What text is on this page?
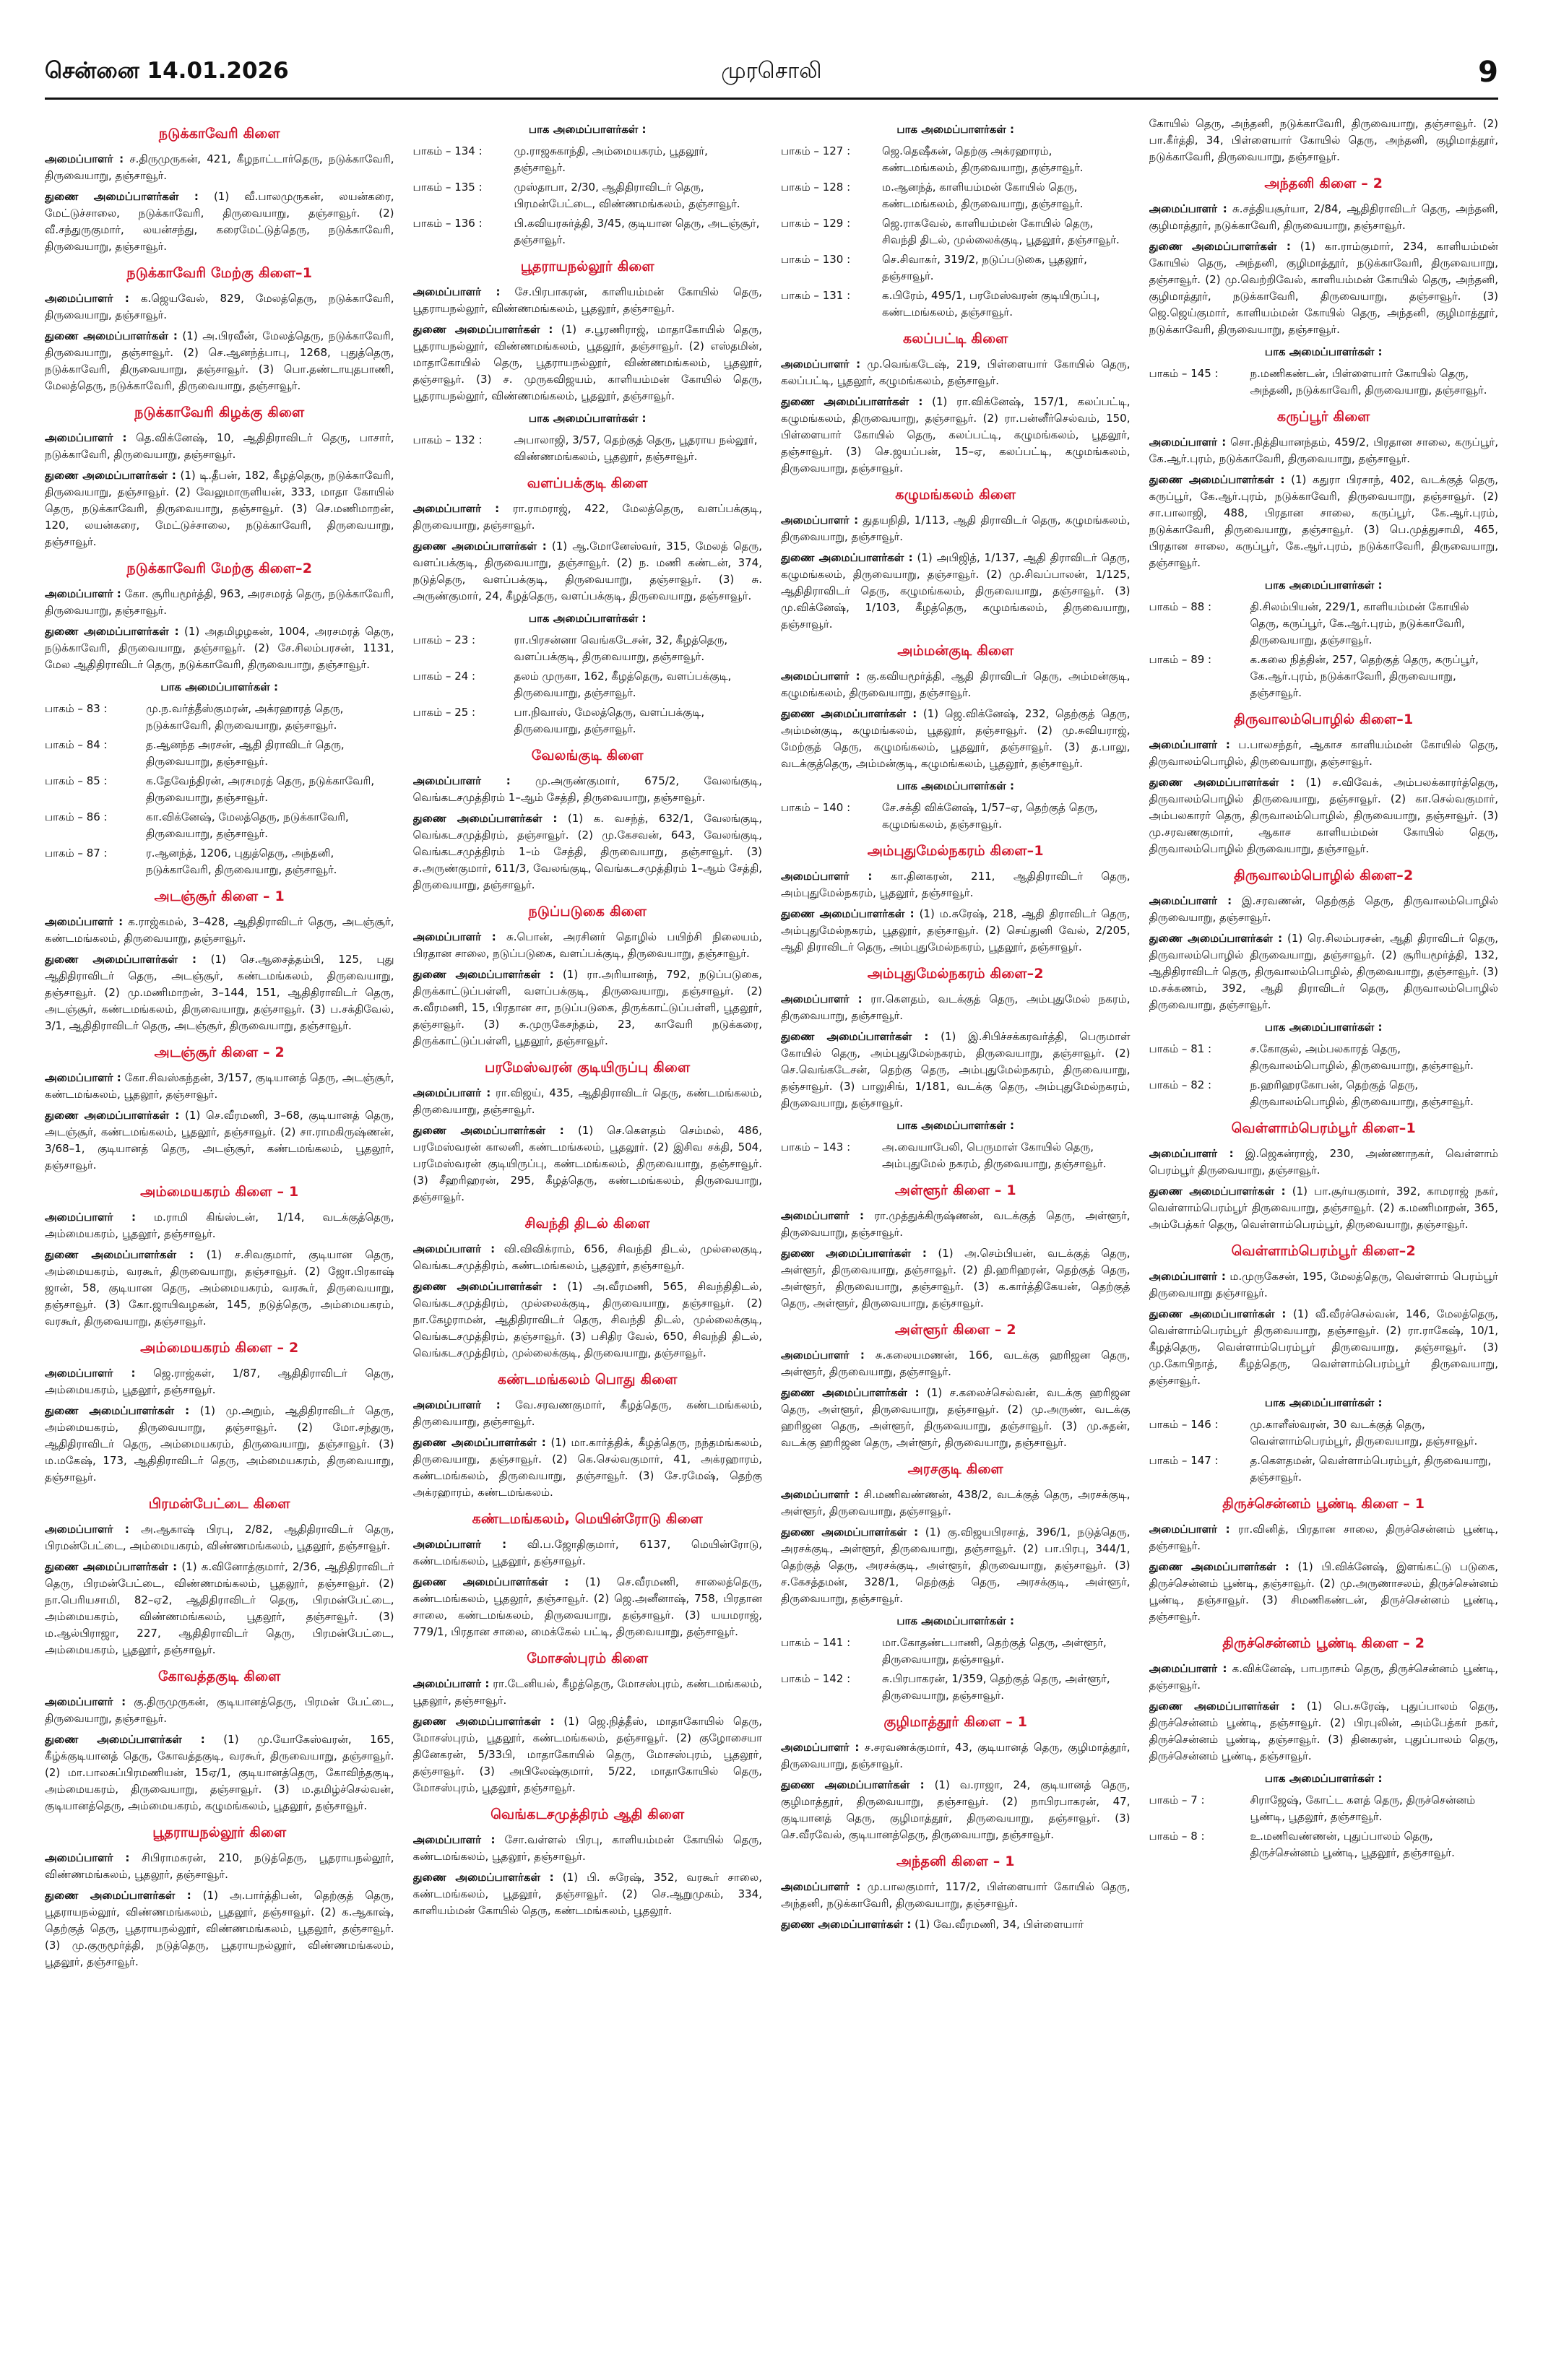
சென்னை 14.01.2026	முரசொலி	9
நடுக்காவேரி கிளை

அமைப்பாளர் : ச.திருமுருகன், 421, கீழநாட்டார்தெரு, நடுக்காவேரி, திருவையாறு, தஞ்சாவூர்.

துணை அமைப்பாளர்கள் : (1) வீ.பாலமுருகன், லயன்கரை, மேட்டுச்சாலை, நடுக்காவேரி, திருவையாறு, தஞ்சாவூர். (2) வீ.சந்துருகுமார், லயன்சந்து, கரைமேட்டுத்தெரு, நடுக்காவேரி, திருவையாறு, தஞ்சாவூர்.

நடுக்காவேரி மேற்கு கிளை–1

அமைப்பாளர் : க.ஜெயவேல், 829, மேலத்தெரு, நடுக்காவேரி, திருவையாறு, தஞ்சாவூர்.

துணை அமைப்பாளர்கள் : (1) அ.பிரவீன், மேலத்தெரு, நடுக்காவேரி, திருவையாறு, தஞ்சாவூர். (2) செ.ஆனந்த்பாபு, 1268, புதுத்தெரு, நடுக்காவேரி, திருவையாறு, தஞ்சாவூர். (3) பொ.தண்டாயுதபாணி, மேலத்தெரு, நடுக்காவேரி, திருவையாறு, தஞ்சாவூர்.

நடுக்காவேரி கிழக்கு கிளை

அமைப்பாளர் : தெ.விக்னேஷ், 10, ஆதிதிராவிடர் தெரு, பாசார், நடுக்காவேரி, திருவையாறு, தஞ்சாவூர்.

துணை அமைப்பாளர்கள் : (1) டி.தீபன், 182, கீழத்தெரு, நடுக்காவேரி, திருவையாறு, தஞ்சாவூர். (2) வேலுமாருளியன், 333, மாதா கோயில் தெரு, நடுக்காவேரி, திருவையாறு, தஞ்சாவூர். (3) செ.மணிமாறன், 120, லயன்கரை, மேட்டுச்சாலை, நடுக்காவேரி, திருவையாறு, தஞ்சாவூர்.

நடுக்காவேரி மேற்கு கிளை–2

அமைப்பாளர் : கோ. சூரியமூர்த்தி, 963, அரசமரத் தெரு, நடுக்காவேரி, திருவையாறு, தஞ்சாவூர்.

துணை அமைப்பாளர்கள் : (1) அதமிழழகன், 1004, அரசமரத் தெரு, நடுக்காவேரி, திருவையாறு, தஞ்சாவூர். (2) சே.சிலம்பரசன், 1131, மேல ஆதிதிராவிடர் தெரு, நடுக்காவேரி, திருவையாறு, தஞ்சாவூர்.

பாக அமைப்பாளர்கள் :
பாகம் – 83 :	மு.ந.வர்த்தீஸ்குமரன், அக்ரஹாரத் தெரு, நடுக்காவேரி, திருவையாறு, தஞ்சாவூர்.
பாகம் – 84 :	த.ஆனந்த அரசன், ஆதி திராவிடர் தெரு, திருவையாறு, தஞ்சாவூர்.
பாகம் – 85 :	க.தேவேந்திரன், அரசமரத் தெரு, நடுக்காவேரி, திருவையாறு, தஞ்சாவூர்.
பாகம் – 86 :	கா.விக்னேஷ், மேலத்தெரு, நடுக்காவேரி, திருவையாறு, தஞ்சாவூர்.
பாகம் – 87 :	ர.ஆனந்த், 1206, புதுத்தெரு, அந்தனி, நடுக்காவேரி, திருவையாறு, தஞ்சாவூர்.
அடஞ்சூர் கிளை – 1

அமைப்பாளர் : க.ராஜ்கமல், 3–428, ஆதிதிராவிடர் தெரு, அடஞ்சூர், கண்டமங்கலம், திருவையாறு, தஞ்சாவூர்.

துணை அமைப்பாளர்கள் : (1) செ.ஆசைத்தம்பி, 125, புது ஆதிதிராவிடர் தெரு, அடஞ்சூர், கண்டமங்கலம், திருவையாறு, தஞ்சாவூர். (2) மு.மணிமாறன், 3–144, 151, ஆதிதிராவிடர் தெரு, அடஞ்சூர், கண்டமங்கலம், திருவையாறு, தஞ்சாவூர். (3) ப.சக்திவேல், 3/1, ஆதிதிராவிடர் தெரு, அடஞ்சூர், திருவையாறு, தஞ்சாவூர்.

அடஞ்சூர் கிளை – 2

அமைப்பாளர் : கோ.சிவஸ்கந்தன், 3/157, குடியானத் தெரு, அடஞ்சூர், கண்டமங்கலம், பூதலூர், தஞ்சாவூர்.

துணை அமைப்பாளர்கள் : (1) செ.வீரமணி, 3–68, குடியானத் தெரு, அடஞ்சூர், கண்டமங்கலம், பூதலூர், தஞ்சாவூர். (2) சா.ராமகிருஷ்ணன், 3/68–1, குடியானத் தெரு, அடஞ்சூர், கண்டமங்கலம், பூதலூர், தஞ்சாவூர்.

அம்மையகரம் கிளை – 1

அமைப்பாளர் : ம.ராமி கிங்ஸ்டன், 1/14, வடக்குத்தெரு, அம்மையகரம், பூதலூர், தஞ்சாவூர்.

துணை அமைப்பாளர்கள் : (1) ச.சிவகுமார், குடியான தெரு, அம்மையகரம், வரகூர், திருவையாறு, தஞ்சாவூர். (2) ஜோ.பிரகாஷ் ஜான், 58, குடியான தெரு, அம்மையகரம், வரகூர், திருவையாறு, தஞ்சாவூர். (3) கோ.ஜாயிவழகன், 145, நடுத்தெரு, அம்மையகரம், வரகூர், திருவையாறு, தஞ்சாவூர்.

அம்மையகரம் கிளை – 2

அமைப்பாளர் : ஜெ.ராஜ்கள், 1/87, ஆதிதிராவிடர் தெரு, அம்மையகரம், பூதலூர், தஞ்சாவூர்.

துணை அமைப்பாளர்கள் : (1) மு.அறும், ஆதிதிராவிடர் தெரு, அம்மையகரம், திருவையாறு, தஞ்சாவூர். (2) மோ.சந்துரு, ஆதிதிராவிடர் தெரு, அம்மையகரம், திருவையாறு, தஞ்சாவூர். (3) ம.மகேஷ், 173, ஆதிதிராவிடர் தெரு, அம்மையகரம், திருவையாறு, தஞ்சாவூர்.

பிரமன்பேட்டை கிளை

அமைப்பாளர் : அ.ஆகாஷ் பிரபு, 2/82, ஆதிதிராவிடர் தெரு, பிரமன்பேட்டை, அம்மையகரம், விண்ணமங்கலம், பூதலூர், தஞ்சாவூர்.

துணை அமைப்பாளர்கள் : (1) க.வினோத்குமார், 2/36, ஆதிதிராவிடர் தெரு, பிரமன்பேட்டை, விண்ணமங்கலம், பூதலூர், தஞ்சாவூர். (2) நா.பெரியசாமி, 82–ஏ2, ஆதிதிராவிடர் தெரு, பிரமன்பேட்டை, அம்மையகரம், விண்ணமங்கலம், பூதலூர், தஞ்சாவூர். (3) ம.ஆல்பிராஜா, 227, ஆதிதிராவிடர் தெரு, பிரமன்பேட்டை, அம்மையகரம், பூதலூர், தஞ்சாவூர்.

கோவத்தகுடி கிளை

அமைப்பாளர் : கு.திருமுருகன், குடியானத்தெரு, பிரமன் பேட்டை, திருவையாறு, தஞ்சாவூர்.

துணை அமைப்பாளர்கள் : (1) மு.யோகேஸ்வரன், 165, கீழ்க்குடியானத் தெரு, கோவத்தகுடி, வரகூர், திருவையாறு, தஞ்சாவூர். (2) மா.பாலசுப்பிரமணியன், 15ஏ/1, குடியானத்தெரு, கோவிந்தகுடி, அம்மையகரம், திருவையாறு, தஞ்சாவூர். (3) ம.தமிழ்ச்செல்வன், குடியானத்தெரு, அம்மையகரம், கழுமங்கலம், பூதலூர், தஞ்சாவூர்.

பூதராயநல்லூர் கிளை

அமைப்பாளர் : சிபிராமசுரன், 210, நடுத்தெரு, பூதராயநல்லூர், விண்ணமங்கலம், பூதலூர், தஞ்சாவூர்.

துணை அமைப்பாளர்கள் : (1) அ.பார்த்திபன், தெற்குத் தெரு, பூதராயநல்லூர், விண்ணமங்கலம், பூதலூர், தஞ்சாவூர். (2) க.ஆகாஷ், தெற்குத் தெரு, பூதராயநல்லூர், விண்ணமங்கலம், பூதலூர், தஞ்சாவூர். (3) மு.குருமூர்த்தி, நடுத்தெரு, பூதராயநல்லூர், விண்ணமங்கலம், பூதலூர், தஞ்சாவூர்.

பாக அமைப்பாளர்கள் :
பாகம் – 134 :	மு.ராஜசுகாந்தி, அம்மையகரம், பூதலூர், தஞ்சாவூர்.
பாகம் – 135 :	முஸ்தாபா, 2/30, ஆதிதிராவிடர் தெரு, பிரமன்பேட்டை, விண்ணமங்கலம், தஞ்சாவூர்.
பாகம் – 136 :	பி.கவியரசுர்த்தி, 3/45, குடியான தெரு, அடஞ்சூர், தஞ்சாவூர்.
பூதராயநல்லூர் கிளை

அமைப்பாளர் : சே.பிரபாகரன், காளியம்மன் கோயில் தெரு, பூதராயநல்லூர், விண்ணமங்கலம், பூதலூர், தஞ்சாவூர்.

துணை அமைப்பாளர்கள் : (1) ச.பூரணிராஜ், மாதாகோயில் தெரு, பூதராயநல்லூர், விண்ணமங்கலம், பூதலூர், தஞ்சாவூர். (2) எஸ்தமின், மாதாகோயில் தெரு, பூதராயநல்லூர், விண்ணமங்கலம், பூதலூர், தஞ்சாவூர். (3) ச. முருகவிஜயம், காளியம்மன் கோயில் தெரு, பூதராயநல்லூர், விண்ணமங்கலம், பூதலூர், தஞ்சாவூர்.

பாக அமைப்பாளர்கள் :
பாகம் – 132 :	அபாலாஜி, 3/57, தெற்குத் தெரு, பூதராய நல்லூர், விண்ணமங்கலம், பூதலூர், தஞ்சாவூர்.
வளப்பக்குடி கிளை

அமைப்பாளர் : ரா.ராமராஜ், 422, மேலத்தெரு, வளப்பக்குடி, திருவையாறு, தஞ்சாவூர்.

துணை அமைப்பாளர்கள் : (1) ஆ.மோனேஸ்வர், 315, மேலத் தெரு, வளப்பக்குடி, திருவையாறு, தஞ்சாவூர். (2) ந. மணி கண்டன், 374, நடுத்தெரு, வளப்பக்குடி, திருவையாறு, தஞ்சாவூர். (3) சு. அருண்குமார், 24, கீழத்தெரு, வளப்பக்குடி, திருவையாறு, தஞ்சாவூர்.

பாக அமைப்பாளர்கள் :
பாகம் – 23 :	ரா.பிரசன்னா வெங்கடேசன், 32, கீழத்தெரு, வளப்பக்குடி, திருவையாறு, தஞ்சாவூர்.
பாகம் – 24 :	தலம் முருகா, 162, கீழத்தெரு, வளப்பக்குடி, திருவையாறு, தஞ்சாவூர்.
பாகம் – 25 :	பா.நிவாஸ், மேலத்தெரு, வளப்பக்குடி, திருவையாறு, தஞ்சாவூர்.
வேலங்குடி கிளை

அமைப்பாளர் : மு.அருண்குமார், 675/2, வேலங்குடி, வெங்கடசமுத்திரம் 1–ஆம் சேத்தி, திருவையாறு, தஞ்சாவூர்.

துணை அமைப்பாளர்கள் : (1) க. வசந்த், 632/1, வேலங்குடி, வெங்கடசமுத்திரம், தஞ்சாவூர். (2) மு.கேசவன், 643, வேலங்குடி, வெங்கடசமுத்திரம் 1–ம் சேத்தி, திருவையாறு, தஞ்சாவூர். (3) ச.அருண்குமார், 611/3, வேலங்குடி, வெங்கடசமுத்திரம் 1–ஆம் சேத்தி, திருவையாறு, தஞ்சாவூர்.

நடுப்படுகை கிளை

அமைப்பாளர் : சு.பொன், அரசினர் தொழில் பயிற்சி நிலையம், பிரதான சாலை, நடுப்படுகை, வளப்பக்குடி, திருவையாறு, தஞ்சாவூர்.

துணை அமைப்பாளர்கள் : (1) ரா.அரியானந், 792, நடுப்படுகை, திருக்காட்டுப்பள்ளி, வளப்பக்குடி, திருவையாறு, தஞ்சாவூர். (2) சு.வீரமணி, 15, பிரதான சா, நடுப்படுகை, திருக்காட்டுப்பள்ளி, பூதலூர், தஞ்சாவூர். (3) சு.முருகேசந்தம், 23, காவேரி நடுக்கரை, திருக்காட்டுப்பள்ளி, பூதலூர், தஞ்சாவூர்.

பரமேஸ்வரன் குடியிருப்பு கிளை

அமைப்பாளர் : ரா.விஜய், 435, ஆதிதிராவிடர் தெரு, கண்டமங்கலம், திருவையாறு, தஞ்சாவூர்.

துணை அமைப்பாளர்கள் : (1) செ.கௌதம் செம்மல், 486, பரமேஸ்வரன் காலனி, கண்டமங்கலம், பூதலூர். (2) இசிவ சக்தி, 504, பரமேஸ்வரன் குடியிருப்பு, கண்டமங்கலம், திருவையாறு, தஞ்சாவூர். (3) சீஹரிஹரன், 295, கீழத்தெரு, கண்டமங்கலம், திருவையாறு, தஞ்சாவூர்.

சிவந்தி திடல் கிளை

அமைப்பாளர் : வி.விவிக்ராம், 656, சிவந்தி திடல், முல்லைகுடி, வெங்கடசமுத்திரம், கண்டமங்கலம், பூதலூர், தஞ்சாவூர்.

துணை அமைப்பாளர்கள் : (1) அ.வீரமணி, 565, சிவந்திதிடல், வெங்கடசமுத்திரம், முல்லைக்குடி, திருவையாறு, தஞ்சாவூர். (2) நா.கேழராமன், ஆதிதிராவிடர் தெரு, சிவந்தி திடல், முல்லைக்குடி, வெங்கடசமுத்திரம், தஞ்சாவூர். (3) பசிதிர வேல், 650, சிவந்தி திடல், வெங்கடசமுத்திரம், முல்லைக்குடி, திருவையாறு, தஞ்சாவூர்.

கண்டமங்கலம் பொது கிளை

அமைப்பாளர் : வே.சரவணகுமார், கீழத்தெரு, கண்டமங்கலம், திருவையாறு, தஞ்சாவூர்.

துணை அமைப்பாளர்கள் : (1) மா.கார்த்திக், கீழத்தெரு, நந்தமங்கலம், திருவையாறு, தஞ்சாவூர். (2) கெ.செல்வகுமார், 41, அக்ரஹாரம், கண்டமங்கலம், திருவையாறு, தஞ்சாவூர். (3) சே.ரமேஷ், தெற்கு அக்ரஹாரம், கண்டமங்கலம்.

கண்டமங்கலம், மெயின்ரோடு கிளை

அமைப்பாளர் : வி.ப.ஜோதிகுமார், 6137, மெயின்ரோடு, கண்டமங்கலம், பூதலூர், தஞ்சாவூர்.

துணை அமைப்பாளர்கள் : (1) செ.வீரமணி, சாலைத்தெரு, கண்டமங்கலம், பூதலூர், தஞ்சாவூர். (2) ஜெ.அனீனாஷ், 758, பிரதான சாலை, கண்டமங்கலம், திருவையாறு, தஞ்சாவூர். (3) யயமராஜ், 779/1, பிரதான சாலை, மைக்கேல் பட்டி, திருவையாறு, தஞ்சாவூர்.

மோசஸ்புரம் கிளை

அமைப்பாளர் : ரா.டேனியல், கீழத்தெரு, மோசஸ்புரம், கண்டமங்கலம், பூதலூர், தஞ்சாவூர்.

துணை அமைப்பாளர்கள் : (1) ஜெ.நித்தீஸ், மாதாகோயில் தெரு, மோசஸ்புரம், பூதலூர், கண்டமங்கலம், தஞ்சாவூர். (2) குழோசையா தினேகரன், 5/33பி, மாதாகோயில் தெரு, மோசஸ்புரம், பூதலூர், தஞ்சாவூர். (3) அபிலேஷ்குமார், 5/22, மாதாகோயில் தெரு, மோசஸ்புரம், பூதலூர், தஞ்சாவூர்.

வெங்கடசமுத்திரம் ஆதி கிளை

அமைப்பாளர் : சோ.வள்ளல் பிரபு, காளியம்மன் கோயில் தெரு, கண்டமங்கலம், பூதலூர், தஞ்சாவூர்.

துணை அமைப்பாளர்கள் : (1) பி. சுரேஷ், 352, வரகூர் சாலை, கண்டமங்கலம், பூதலூர், தஞ்சாவூர். (2) செ.ஆறுமுகம், 334, காளியம்மன் கோயில் தெரு, கண்டமங்கலம், பூதலூர்.

பாக அமைப்பாளர்கள் :
பாகம் – 127 :	ஜெ.தெஷீகன், தெற்கு அக்ரஹாரம், கண்டமங்கலம், திருவையாறு, தஞ்சாவூர்.
பாகம் – 128 :	ம.ஆனந்த், காளியம்மன் கோயில் தெரு, கண்டமங்கலம், திருவையாறு, தஞ்சாவூர்.
பாகம் – 129 :	ஜெ.ராகவேல், காளியம்மன் கோயில் தெரு, சிவந்தி திடல், முல்லைக்குடி, பூதலூர், தஞ்சாவூர்.
பாகம் – 130 :	செ.சிவாகர், 319/2, நடுப்படுகை, பூதலூர், தஞ்சாவூர்.
பாகம் – 131 :	க.பிரேம், 495/1, பரமேஸ்வரன் குடியிருப்பு, கண்டமங்கலம், தஞ்சாவூர்.
கலப்பட்டி கிளை

அமைப்பாளர் : மு.வெங்கடேஷ், 219, பிள்ளையார் கோயில் தெரு, கலப்பட்டி, பூதலூர், கழுமங்கலம், தஞ்சாவூர்.

துணை அமைப்பாளர்கள் : (1) ரா.விக்னேஷ், 157/1, கலப்பட்டி, கழுமங்கலம், திருவையாறு, தஞ்சாவூர். (2) ரா.பன்னீர்செல்வம், 150, பிள்ளையார் கோயில் தெரு, கலப்பட்டி, கழுமங்கலம், பூதலூர், தஞ்சாவூர். (3) செ.ஜயப்பன், 15–ஏ, கலப்பட்டி, கழுமங்கலம், திருவையாறு, தஞ்சாவூர்.

கழுமங்கலம் கிளை

அமைப்பாளர் : துதயநிதி, 1/113, ஆதி திராவிடர் தெரு, கழுமங்கலம், திருவையாறு, தஞ்சாவூர்.

துணை அமைப்பாளர்கள் : (1) அபிஜித், 1/137, ஆதி திராவிடர் தெரு, கழுமங்கலம், திருவையாறு, தஞ்சாவூர். (2) மு.சிவப்பாலன், 1/125, ஆதிதிராவிடர் தெரு, கழுமங்கலம், திருவையாறு, தஞ்சாவூர். (3) மு.விக்னேஷ், 1/103, கீழத்தெரு, கழுமங்கலம், திருவையாறு, தஞ்சாவூர்.

அம்மன்குடி கிளை

அமைப்பாளர் : கு.கவியமூர்த்தி, ஆதி திராவிடர் தெரு, அம்மன்குடி, கழுமங்கலம், திருவையாறு, தஞ்சாவூர்.

துணை அமைப்பாளர்கள் : (1) ஜெ.விக்னேஷ், 232, தெற்குத் தெரு, அம்மன்குடி, கழுமங்கலம், பூதலூர், தஞ்சாவூர். (2) மு.சுவியராஜ், மேற்குத் தெரு, கழுமங்கலம், பூதலூர், தஞ்சாவூர். (3) த.பாலு, வடக்குத்தெரு, அம்மன்குடி, கழுமங்கலம், பூதலூர், தஞ்சாவூர்.

பாக அமைப்பாளர்கள் :
பாகம் – 140 :	சே.சக்தி விக்னேஷ், 1/57–ஏ, தெற்குத் தெரு, கழுமங்கலம், தஞ்சாவூர்.
அம்புதுமேல்நகரம் கிளை–1

அமைப்பாளர் : கா.தினகரன், 211, ஆதிதிராவிடர் தெரு, அம்புதுமேல்நகரம், பூதலூர், தஞ்சாவூர்.

துணை அமைப்பாளர்கள் : (1) ம.சுரேஷ், 218, ஆதி திராவிடர் தெரு, அம்புதுமேல்நகரம், பூதலூர், தஞ்சாவூர். (2) செய்துனி வேல், 2/205, ஆதி திராவிடர் தெரு, அம்புதுமேல்நகரம், பூதலூர், தஞ்சாவூர்.

அம்புதுமேல்நகரம் கிளை–2

அமைப்பாளர் : ரா.கௌதம், வடக்குத் தெரு, அம்புதுமேல் நகரம், திருவையாறு, தஞ்சாவூர்.

துணை அமைப்பாளர்கள் : (1) இ.சிபிச்சக்கரவர்த்தி, பெருமாள் கோயில் தெரு, அம்புதுமேல்நகரம், திருவையாறு, தஞ்சாவூர். (2) செ.வெங்கடேசன், தெற்கு தெரு, அம்புதுமேல்நகரம், திருவையாறு, தஞ்சாவூர். (3) பாலுசிங், 1/181, வடக்கு தெரு, அம்புதுமேல்நகரம், திருவையாறு, தஞ்சாவூர்.

பாக அமைப்பாளர்கள் :
பாகம் – 143 :	அ.வையாபேலி, பெருமாள் கோயில் தெரு, அம்புதுமேல் நகரம், திருவையாறு, தஞ்சாவூர்.
அள்ளூர் கிளை – 1

அமைப்பாளர் : ரா.முத்துக்கிருஷ்ணன், வடக்குத் தெரு, அள்ளூர், திருவையாறு, தஞ்சாவூர்.

துணை அமைப்பாளர்கள் : (1) அ.செம்பியன், வடக்குத் தெரு, அள்ளூர், திருவையாறு, தஞ்சாவூர். (2) தி.ஹரிஹரன், தெற்குத் தெரு, அள்ளூர், திருவையாறு, தஞ்சாவூர். (3) க.கார்த்திகேயன், தெற்குத் தெரு, அள்ளூர், திருவையாறு, தஞ்சாவூர்.

அள்ளூர் கிளை – 2

அமைப்பாளர் : சு.கலையமணன், 166, வடக்கு ஹரிஜன தெரு, அள்ளூர், திருவையாறு, தஞ்சாவூர்.

துணை அமைப்பாளர்கள் : (1) ச.கலைச்செல்வன், வடக்கு ஹரிஜன தெரு, அள்ளூர், திருவையாறு, தஞ்சாவூர். (2) மு.அருண், வடக்கு ஹரிஜன தெரு, அள்ளூர், திருவையாறு, தஞ்சாவூர். (3) மு.சுதன், வடக்கு ஹரிஜன தெரு, அள்ளூர், திருவையாறு, தஞ்சாவூர்.

அரசகுடி கிளை

அமைப்பாளர் : சி.மணிவண்ணன், 438/2, வடக்குத் தெரு, அரசக்குடி, அள்ளூர், திருவையாறு, தஞ்சாவூர்.

துணை அமைப்பாளர்கள் : (1) கு.விஜயபிரசாத், 396/1, நடுத்தெரு, அரசக்குடி, அள்ளூர், திருவையாறு, தஞ்சாவூர். (2) பா.பிரபு, 344/1, தெற்குத் தெரு, அரசக்குடி, அள்ளூர், திருவையாறு, தஞ்சாவூர். (3) ச.கேசத்தமன், 328/1, தெற்குத் தெரு, அரசக்குடி, அள்ளூர், திருவையாறு, தஞ்சாவூர்.

பாக அமைப்பாளர்கள் :
பாகம் – 141 :	மா.கோதண்டபாணி, தெற்குத் தெரு, அள்ளூர், திருவையாறு, தஞ்சாவூர்.
பாகம் – 142 :	சு.பிரபாகரன், 1/359, தெற்குத் தெரு, அள்ளூர், திருவையாறு, தஞ்சாவூர்.
குழிமாத்தூர் கிளை – 1

அமைப்பாளர் : ச.சரவணக்குமார், 43, குடியானத் தெரு, குழிமாத்தூர், திருவையாறு, தஞ்சாவூர்.

துணை அமைப்பாளர்கள் : (1) வ.ராஜா, 24, குடியானத் தெரு, குழிமாத்தூர், திருவையாறு, தஞ்சாவூர். (2) நாபிரபாகரன், 47, குடியானத் தெரு, குழிமாத்தூர், திருவையாறு, தஞ்சாவூர். (3) செ.வீரவேல், குடியானத்தெரு, திருவையாறு, தஞ்சாவூர்.

அந்தனி கிளை – 1

அமைப்பாளர் : மு.பாலகுமார், 117/2, பிள்ளையார் கோயில் தெரு, அந்தனி, நடுக்காவேரி, திருவையாறு, தஞ்சாவூர்.

துணை அமைப்பாளர்கள் : (1) வே.வீரமணி, 34, பிள்ளையார்

கோயில் தெரு, அந்தனி, நடுக்காவேரி, திருவையாறு, தஞ்சாவூர். (2) பா.கீர்த்தி, 34, பிள்ளையார் கோயில் தெரு, அந்தனி, குழிமாத்தூர், நடுக்காவேரி, திருவையாறு, தஞ்சாவூர்.

அந்தனி கிளை – 2

அமைப்பாளர் : சு.சத்தியசூர்யா, 2/84, ஆதிதிராவிடர் தெரு, அந்தனி, குழிமாத்தூர், நடுக்காவேரி, திருவையாறு, தஞ்சாவூர்.

துணை அமைப்பாளர்கள் : (1) கா.ராம்குமார், 234, காளியம்மன் கோயில் தெரு, அந்தனி, குழிமாத்தூர், நடுக்காவேரி, திருவையாறு, தஞ்சாவூர். (2) மு.வெற்றிவேல், காளியம்மன் கோயில் தெரு, அந்தனி, குழிமாத்தூர், நடுக்காவேரி, திருவையாறு, தஞ்சாவூர். (3) ஜெ.ஜெய்குமார், காளியம்மன் கோயில் தெரு, அந்தனி, குழிமாத்தூர், நடுக்காவேரி, திருவையாறு, தஞ்சாவூர்.

பாக அமைப்பாளர்கள் :
பாகம் – 145 :	ந.மணிகண்டன், பிள்ளையார் கோயில் தெரு, அந்தனி, நடுக்காவேரி, திருவையாறு, தஞ்சாவூர்.
கருப்பூர் கிளை

அமைப்பாளர் : சொ.நித்தியானந்தம், 459/2, பிரதான சாலை, கருப்பூர், கே.ஆர்.புரம், நடுக்காவேரி, திருவையாறு, தஞ்சாவூர்.

துணை அமைப்பாளர்கள் : (1) கதுரா பிரசாந், 402, வடக்குத் தெரு, கருப்பூர், கே.ஆர்.புரம், நடுக்காவேரி, திருவையாறு, தஞ்சாவூர். (2) சா.பாலாஜி, 488, பிரதான சாலை, கருப்பூர், கே.ஆர்.புரம், நடுக்காவேரி, திருவையாறு, தஞ்சாவூர். (3) பெ.முத்துசாமி, 465, பிரதான சாலை, கருப்பூர், கே.ஆர்.புரம், நடுக்காவேரி, திருவையாறு, தஞ்சாவூர்.

பாக அமைப்பாளர்கள் :
பாகம் – 88 :	தி.சிலம்பியன், 229/1, காளியம்மன் கோயில் தெரு, கருப்பூர், கே.ஆர்.புரம், நடுக்காவேரி, திருவையாறு, தஞ்சாவூர்.
பாகம் – 89 :	க.கலை நித்தின், 257, தெற்குத் தெரு, கருப்பூர், கே.ஆர்.புரம், நடுக்காவேரி, திருவையாறு, தஞ்சாவூர்.
திருவாலம்பொழில் கிளை–1

அமைப்பாளர் : ப.பாலசந்தர், ஆகாச காளியம்மன் கோயில் தெரு, திருவாலம்பொழில், திருவையாறு, தஞ்சாவூர்.

துணை அமைப்பாளர்கள் : (1) ச.விவேக், அம்பலக்காரர்த்தெரு, திருவாலம்பொழில் திருவையாறு, தஞ்சாவூர். (2) கா.செல்வகுமார், அம்பலகாரர் தெரு, திருவாலம்பொழில், திருவையாறு, தஞ்சாவூர். (3) மு.சரவணகுமார், ஆகாச காளியம்மன் கோயில் தெரு, திருவாலம்பொழில் திருவையாறு, தஞ்சாவூர்.

திருவாலம்பொழில் கிளை–2

அமைப்பாளர் : இ.சரவணன், தெற்குத் தெரு, திருவாலம்பொழில் திருவையாறு, தஞ்சாவூர்.

துணை அமைப்பாளர்கள் : (1) ரெ.சிலம்பரசன், ஆதி திராவிடர் தெரு, திருவாலம்பொழில் திருவையாறு, தஞ்சாவூர். (2) சூரியமூர்த்தி, 132, ஆதிதிராவிடர் தெரு, திருவாலம்பொழில், திருவையாறு, தஞ்சாவூர். (3) ம.சக்கணம், 392, ஆதி திராவிடர் தெரு, திருவாலம்பொழில் திருவையாறு, தஞ்சாவூர்.

பாக அமைப்பாளர்கள் :
பாகம் – 81 :	ச.கோகுல், அம்பலகாரத் தெரு, திருவாலம்பொழில், திருவையாறு, தஞ்சாவூர்.
பாகம் – 82 :	ந.ஹரிஹரகோபன், தெற்குத் தெரு, திருவாலம்பொழில், திருவையாறு, தஞ்சாவூர்.
வெள்ளாம்பெரம்பூர் கிளை–1

அமைப்பாளர் : இ.ஜெகன்ராஜ், 230, அண்ணாநகர், வெள்ளாம் பெரம்பூர் திருவையாறு, தஞ்சாவூர்.

துணை அமைப்பாளர்கள் : (1) பா.சூர்யகுமார், 392, காமராஜ் நகர், வெள்ளாம்பெரம்பூர் திருவையாறு, தஞ்சாவூர். (2) க.மணிமாறன், 365, அம்பேத்கர் தெரு, வெள்ளாம்பெரம்பூர், திருவையாறு, தஞ்சாவூர்.

வெள்ளாம்பெரம்பூர் கிளை–2

அமைப்பாளர் : ம.முருகேசன், 195, மேலத்தெரு, வெள்ளாம் பெரம்பூர் திருவையாறு தஞ்சாவூர்.

துணை அமைப்பாளர்கள் : (1) வீ.வீரச்செல்வன், 146, மேலத்தெரு, வெள்ளாம்பெரம்பூர் திருவையாறு, தஞ்சாவூர். (2) ரா.ராகேஷ், 10/1, கீழத்தெரு, வெள்ளாம்பெரம்பூர் திருவையாறு, தஞ்சாவூர். (3) மு.கோபிநாத், கீழத்தெரு, வெள்ளாம்பெரம்பூர் திருவையாறு, தஞ்சாவூர்.

பாக அமைப்பாளர்கள் :
பாகம் – 146 :	மு.காளீஸ்வரன், 30 வடக்குத் தெரு, வெள்ளாம்பெரம்பூர், திருவையாறு, தஞ்சாவூர்.
பாகம் – 147 :	த.கௌதமன், வெள்ளாம்பெரம்பூர், திருவையாறு, தஞ்சாவூர்.
திருச்சென்னம் பூண்டி கிளை – 1

அமைப்பாளர் : ரா.வினித், பிரதான சாலை, திருச்சென்னம் பூண்டி, தஞ்சாவூர்.

துணை அமைப்பாளர்கள் : (1) பி.விக்னேஷ், இளங்கட்டு படுகை, திருச்சென்னம் பூண்டி, தஞ்சாவூர். (2) மு.அருணாசலம், திருச்சென்னம் பூண்டி, தஞ்சாவூர். (3) சிமணிகண்டன், திருச்சென்னம் பூண்டி, தஞ்சாவூர்.

திருச்சென்னம் பூண்டி கிளை – 2

அமைப்பாளர் : க.விக்னேஷ், பாபநாசம் தெரு, திருச்சென்னம் பூண்டி, தஞ்சாவூர்.

துணை அமைப்பாளர்கள் : (1) பெ.சுரேஷ், புதுப்பாலம் தெரு, திருச்சென்னம் பூண்டி, தஞ்சாவூர். (2) பிரபுலின், அம்பேத்கர் நகர், திருச்சென்னம் பூண்டி, தஞ்சாவூர். (3) தினகரன், புதுப்பாலம் தெரு, திருச்சென்னம் பூண்டி, தஞ்சாவூர்.

பாக அமைப்பாளர்கள் :
பாகம் – 7 :	சிராஜேஷ், கோட்ட களத் தெரு, திருச்சென்னம் பூண்டி, பூதலூர், தஞ்சாவூர்.
பாகம் – 8 :	உ.மணிவண்ணன், புதுப்பாலம் தெரு, திருச்சென்னம் பூண்டி, பூதலூர், தஞ்சாவூர்.
